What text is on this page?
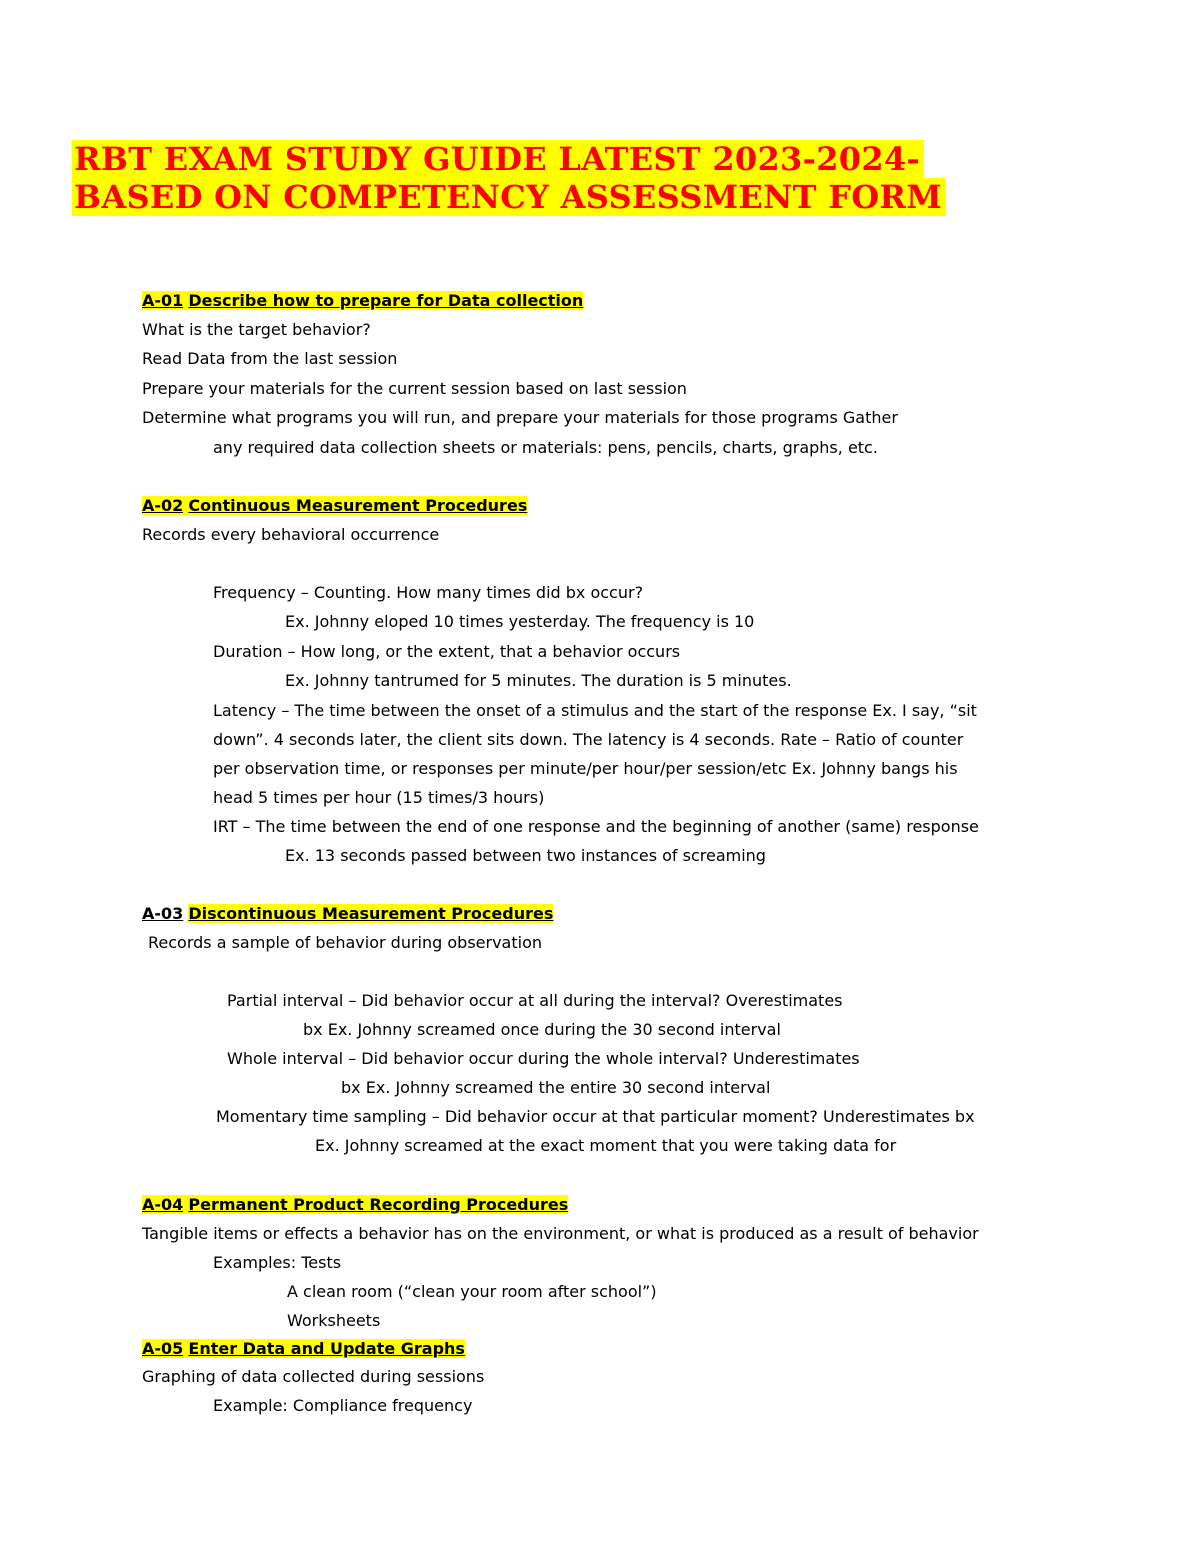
RBT EXAM STUDY GUIDE LATEST 2023-2024-
BASED ON COMPETENCY ASSESSMENT FORM
A-01 Describe how to prepare for Data collection
What is the target behavior?
Read Data from the last session
Prepare your materials for the current session based on last session
Determine what programs you will run, and prepare your materials for those programs Gather
any required data collection sheets or materials: pens, pencils, charts, graphs, etc.
A-02 Continuous Measurement Procedures
Records every behavioral occurrence
Frequency – Counting. How many times did bx occur?
Ex. Johnny eloped 10 times yesterday. The frequency is 10
Duration – How long, or the extent, that a behavior occurs
Ex. Johnny tantrumed for 5 minutes. The duration is 5 minutes.
Latency – The time between the onset of a stimulus and the start of the response Ex. I say, “sit
down”. 4 seconds later, the client sits down. The latency is 4 seconds. Rate – Ratio of counter
per observation time, or responses per minute/per hour/per session/etc Ex. Johnny bangs his
head 5 times per hour (15 times/3 hours)
IRT – The time between the end of one response and the beginning of another (same) response
Ex. 13 seconds passed between two instances of screaming
A-03 Discontinuous Measurement Procedures
Records a sample of behavior during observation
Partial interval – Did behavior occur at all during the interval? Overestimates
bx Ex. Johnny screamed once during the 30 second interval
Whole interval – Did behavior occur during the whole interval? Underestimates
bx Ex. Johnny screamed the entire 30 second interval
Momentary time sampling – Did behavior occur at that particular moment? Underestimates bx
Ex. Johnny screamed at the exact moment that you were taking data for
A-04 Permanent Product Recording Procedures
Tangible items or effects a behavior has on the environment, or what is produced as a result of behavior
Examples: Tests
A clean room (“clean your room after school”)
Worksheets
A-05 Enter Data and Update Graphs
Graphing of data collected during sessions
Example: Compliance frequency
